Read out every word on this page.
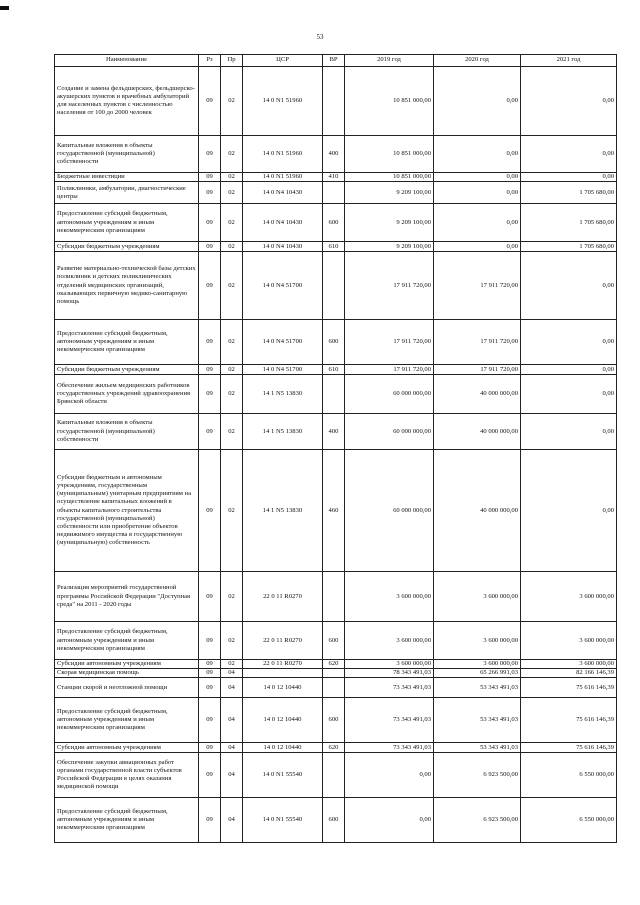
53
Наименование	Рз	Пр	ЦСР	ВР	2019 год	2020 год	2021 год
Создание и замена фельдшерских, фельдшерско-акушерских пунктов и врачебных амбулаторий для населенных пунктов с численностью населения от 100 до 2000 человек	09	02	14 0 N1 51960		10 851 000,00	0,00	0,00
Капитальные вложения в объекты государственной (муниципальной) собственности	09	02	14 0 N1 51960	400	10 851 000,00	0,00	0,00
Бюджетные инвестиции	09	02	14 0 N1 51960	410	10 851 000,00	0,00	0,00
Поликлиники, амбулатории, диагностические центры	09	02	14 0 N4 10430		9 209 100,00	0,00	1 705 680,00
Предоставление субсидий бюджетным, автономным учреждениям и иным некоммерческим организациям	09	02	14 0 N4 10430	600	9 209 100,00	0,00	1 705 680,00
Субсидии бюджетным учреждениям	09	02	14 0 N4 10430	610	9 209 100,00	0,00	1 705 680,00
Развитие материально-технической базы детских поликлиник и детских поликлинических отделений медицинских организаций, оказывающих первичную медико-санитарную помощь	09	02	14 0 N4 51700		17 911 720,00	17 911 720,00	0,00
Предоставление субсидий бюджетным, автономным учреждениям и иным некоммерческим организациям	09	02	14 0 N4 51700	600	17 911 720,00	17 911 720,00	0,00
Субсидии бюджетным учреждениям	09	02	14 0 N4 51700	610	17 911 720,00	17 911 720,00	0,00
Обеспечение жильем медицинских работников государственных учреждений здравоохранения Брянской области	09	02	14 1 N5 13830		60 000 000,00	40 000 000,00	0,00
Капитальные вложения в объекты государственной (муниципальной) собственности	09	02	14 1 N5 13830	400	60 000 000,00	40 000 000,00	0,00
Субсидии бюджетным и автономным учреждениям, государственным (муниципальным) унитарным предприятиям на осуществление капитальных вложений в объекты капитального строительства государственной (муниципальной) собственности или приобретение объектов недвижимого имущества в государственную (муниципальную) собственность	09	02	14 1 N5 13830	460	60 000 000,00	40 000 000,00	0,00
Реализация мероприятий государственной программы Российской Федерации "Доступная среда" на 2011 - 2020 годы	09	02	22 0 11 R0270		3 600 000,00	3 600 000,00	3 600 000,00
Предоставление субсидий бюджетным, автономным учреждениям и иным некоммерческим организациям	09	02	22 0 11 R0270	600	3 600 000,00	3 600 000,00	3 600 000,00
Субсидии автономным учреждениям	09	02	22 0 11 R0270	620	3 600 000,00	3 600 000,00	3 600 000,00
Скорая медицинская помощь	09	04			78 343 491,03	65 266 991,03	82 166 146,39
Станции скорой и неотложной помощи	09	04	14 0 12 10440		73 343 491,03	53 343 491,03	75 616 146,39
Предоставление субсидий бюджетным, автономным учреждениям и иным некоммерческим организациям	09	04	14 0 12 10440	600	73 343 491,03	53 343 491,03	75 616 146,39
Субсидии автономным учреждениям	09	04	14 0 12 10440	620	73 343 491,03	53 343 491,03	75 616 146,39
Обеспечение закупки авиационных работ органами государственной власти субъектов Российской Федерации в целях оказания медицинской помощи	09	04	14 0 N1 55540		0,00	6 923 500,00	6 550 000,00
Предоставление субсидий бюджетным, автономным учреждениям и иным некоммерческим организациям	09	04	14 0 N1 55540	600	0,00	6 923 500,00	6 550 000,00
